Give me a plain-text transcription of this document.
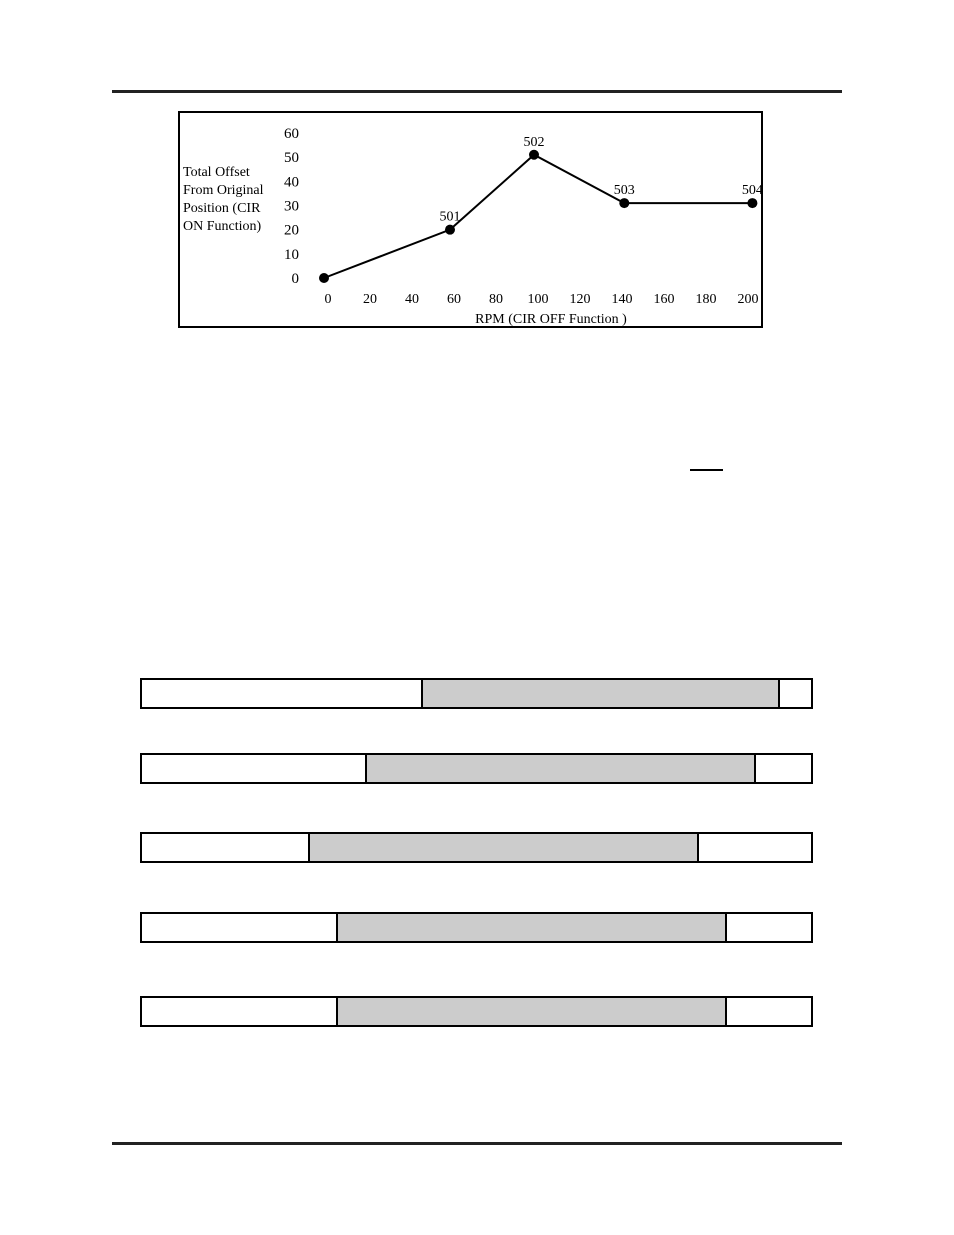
Total Offset
From Original
Position (CIR
ON Function)
0
10
20
30
40
50
60
0 20 40 60 80 100 120 140 160 180 200
RPM (CIR OFF Function )
501
502
503	504
